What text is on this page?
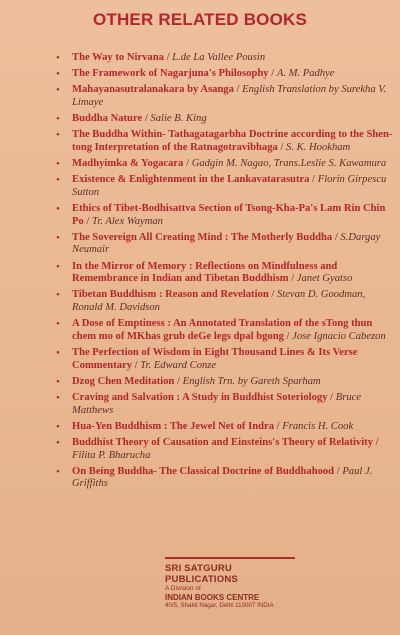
OTHER RELATED BOOKS
• The Way to Nirvana / L.de La Vallee Pousin
• The Framework of Nagarjuna's Philosophy / A. M. Padhye
• Mahayanasutralanakara by Asanga / English Translation by Surekha V. Limaye
• Buddha Nature / Salie B. King
• The Buddha Within- Tathagatagarbha Doctrine according to the Shen-tong Interpretation of the Ratnagotravibhaga / S. K. Hookham
• Madhyimka & Yogacara / Gadgin M. Nagao, Trans.Leslie S. Kawamura
• Existence & Enlightenment in the Lankavatarasutra / Florin Girpescu Sutton
• Ethics of Tibet-Bodhisattva Section of Tsong-Kha-Pa's Lam Rin Chin Po / Tr. Alex Wayman
• The Sovereign All Creating Mind : The Motherly Buddha / S.Dargay Neumair
• In the Mirror of Memory : Reflections on Mindfulness and Remembrance in Indian and Tibetan Buddhism / Janet Gyatso
• Tibetan Buddhism : Reason and Revelation / Stevan D. Goodman, Ronald M. Davidson
• A Dose of Emptiness : An Annotated Translation of the sTong thun chem mo of MKhas grub deGe legs dpal bgong / Jose Ignacio Cabezon
• The Perfection of Wisdom in Eight Thousand Lines & Its Verse Commentary / Tr. Edward Conze
• Dzog Chen Meditation / English Trn. by Gareth Sparham
• Craving and Salvation : A Study in Buddhist Soteriology / Bruce Matthews
• Hua-Yen Buddhism : The Jewel Net of Indra / Francis H. Cook
• Buddhist Theory of Causation and Einsteins's Theory of Relativity / Filita P. Bharucha
• On Being Buddha- The Classical Doctrine of Buddhahood / Paul J. Griffiths
SRI SATGURU PUBLICATIONS
A Division of
INDIAN BOOKS CENTRE
40/5, Shakti Nagar, Delhi 110007 INDIA
